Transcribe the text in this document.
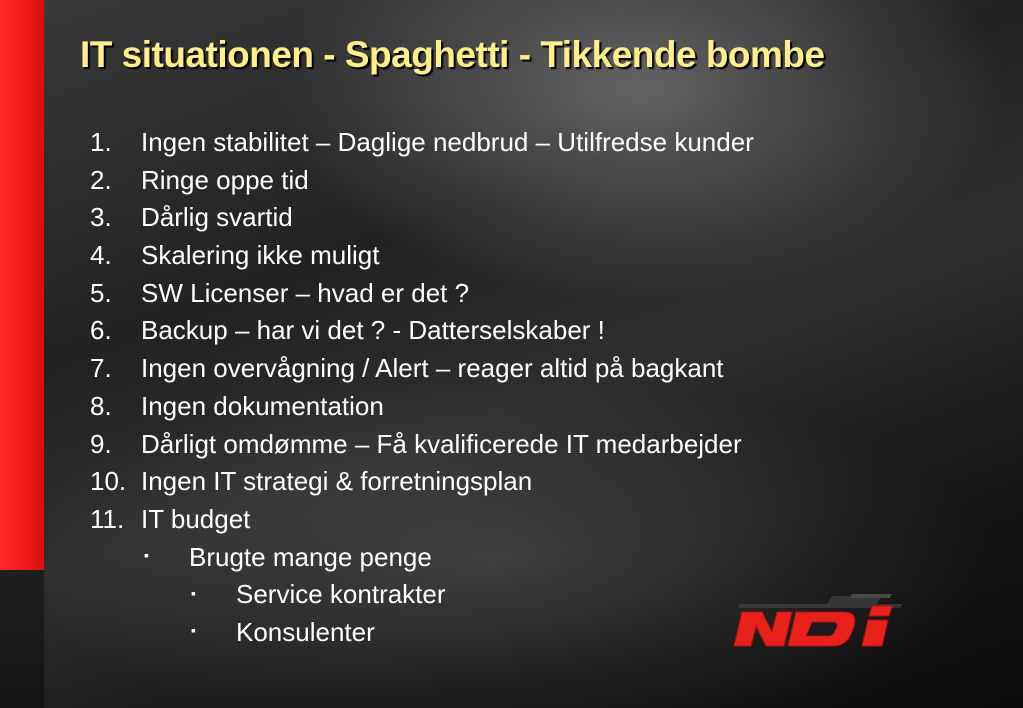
IT situationen - Spaghetti - Tikkende bombe
1. Ingen stabilitet – Daglige nedbrud – Utilfredse kunder
2. Ringe oppe tid
3. Dårlig svartid
4. Skalering ikke muligt
5. SW Licenser – hvad er det ?
6. Backup – har vi det ? - Datterselskaber !
7. Ingen overvågning / Alert – reager altid på bagkant
8. Ingen dokumentation
9. Dårligt omdømme – Få kvalificerede IT medarbejder
10. Ingen IT strategi & forretningsplan
11. IT budget
▪ Brugte mange penge
▪ Service kontrakter
▪ Konsulenter
